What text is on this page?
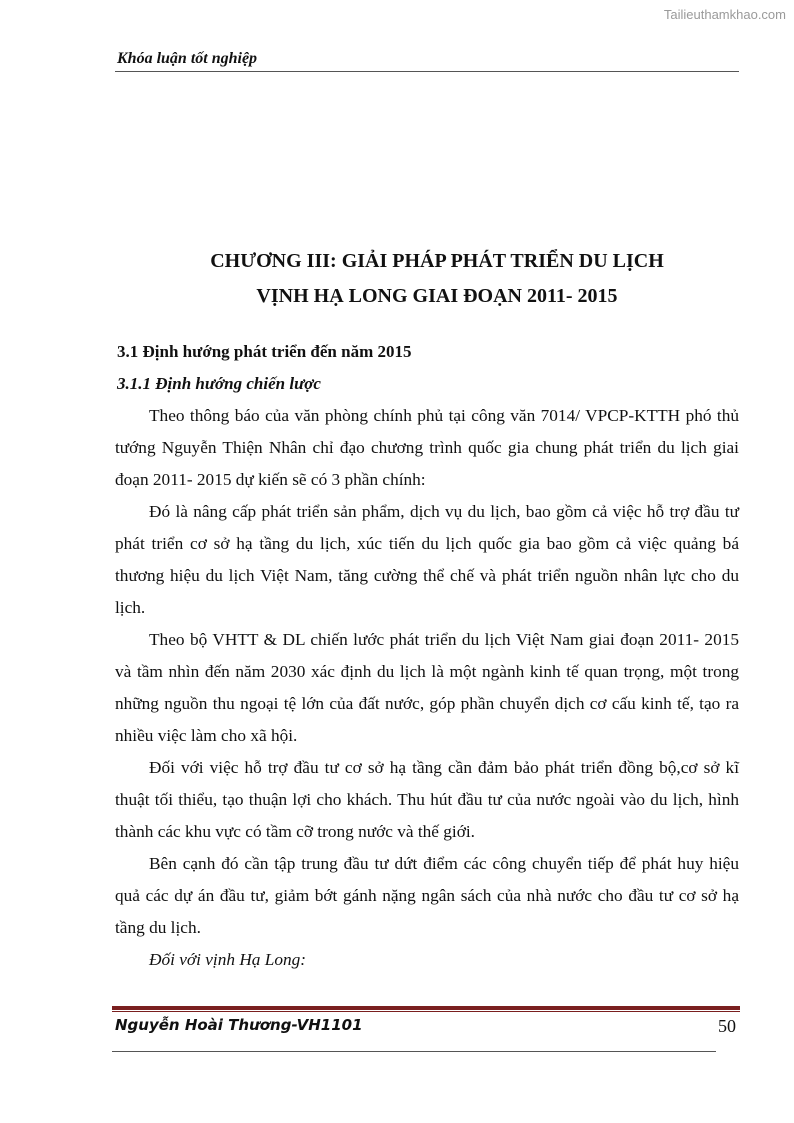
Tailieuthamkhao.com
Khóa luận tốt nghiệp
CHƯƠNG III: GIẢI PHÁP PHÁT TRIỂN DU LỊCH
VỊNH HẠ LONG GIAI ĐOẠN 2011- 2015
3.1 Định hướng phát triển đến năm 2015
3.1.1 Định hướng chiến lược

Theo thông báo của văn phòng chính phủ tại công văn 7014/ VPCP-KTTH phó thủ tướng Nguyễn Thiện Nhân chỉ đạo chương trình quốc gia chung phát triển du lịch giai đoạn 2011- 2015 dự kiến sẽ có 3 phần chính:

Đó là nâng cấp phát triển sản phẩm, dịch vụ du lịch, bao gồm cả việc hỗ trợ đầu tư phát triển cơ sở hạ tầng du lịch, xúc tiến du lịch quốc gia bao gồm cả việc quảng bá thương hiệu du lịch Việt Nam, tăng cường thể chế và phát triển nguồn nhân lực cho du lịch.

Theo bộ VHTT & DL chiến lước phát triển du lịch Việt Nam giai đoạn 2011- 2015 và tầm nhìn đến năm 2030 xác định du lịch là một ngành kinh tế quan trọng, một trong những nguồn thu ngoại tệ lớn của đất nước, góp phần chuyển dịch cơ cấu kinh tế, tạo ra nhiều việc làm cho xã hội.

Đối với việc hỗ trợ đầu tư cơ sở hạ tầng cần đảm bảo phát triển đồng bộ,cơ sở kĩ thuật tối thiểu, tạo thuận lợi cho khách. Thu hút đầu tư của nước ngoài vào du lịch, hình thành các khu vực có tầm cỡ trong nước và thế giới.

Bên cạnh đó cần tập trung đầu tư dứt điểm các công chuyển tiếp để phát huy hiệu quả các dự án đầu tư, giảm bớt gánh nặng ngân sách của nhà nước cho đầu tư cơ sở hạ tầng du lịch.

Đối với vịnh Hạ Long:

Nguyễn Hoài Thương-VH1101	50
